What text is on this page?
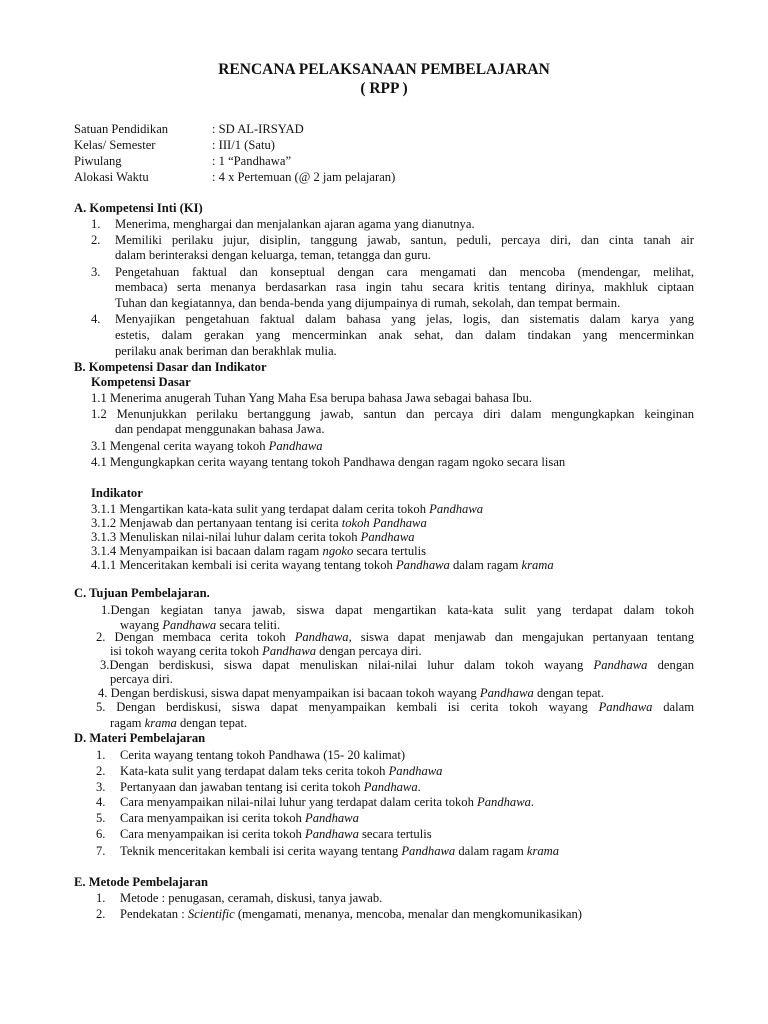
RENCANA PELAKSANAAN PEMBELAJARAN
( RPP )
Satuan Pendidikan	: SD AL-IRSYAD
Kelas/ Semester	: III/1 (Satu)
Piwulang	: 1 “Pandhawa”
Alokasi Waktu	: 4 x Pertemuan (@ 2 jam pelajaran)
A. Kompetensi Inti (KI)
1. Menerima, menghargai dan menjalankan ajaran agama yang dianutnya.
2. Memiliki perilaku jujur, disiplin, tanggung jawab, santun, peduli, percaya diri, dan cinta tanah air
dalam berinteraksi dengan keluarga, teman, tetangga dan guru.
3. Pengetahuan faktual dan konseptual dengan cara mengamati dan mencoba (mendengar, melihat,
membaca) serta menanya berdasarkan rasa ingin tahu secara kritis tentang dirinya, makhluk ciptaan
Tuhan dan kegiatannya, dan benda-benda yang dijumpainya di rumah, sekolah, dan tempat bermain.
4. Menyajikan pengetahuan faktual dalam bahasa yang jelas, logis, dan sistematis dalam karya yang
estetis, dalam gerakan yang mencerminkan anak sehat, dan dalam tindakan yang mencerminkan
perilaku anak beriman dan berakhlak mulia.
B. Kompetensi Dasar dan Indikator
Kompetensi Dasar
1.1 Menerima anugerah Tuhan Yang Maha Esa berupa bahasa Jawa sebagai bahasa Ibu.
1.2 Menunjukkan perilaku bertanggung jawab, santun dan percaya diri dalam mengungkapkan keinginan
dan pendapat menggunakan bahasa Jawa.
3.1 Mengenal cerita wayang tokoh Pandhawa
4.1 Mengungkapkan cerita wayang tentang tokoh Pandhawa dengan ragam ngoko secara lisan
Indikator
3.1.1 Mengartikan kata-kata sulit yang terdapat dalam cerita tokoh Pandhawa
3.1.2 Menjawab dan pertanyaan tentang isi cerita tokoh Pandhawa
3.1.3 Menuliskan nilai-nilai luhur dalam cerita tokoh Pandhawa
3.1.4 Menyampaikan isi bacaan dalam ragam ngoko secara tertulis
4.1.1 Menceritakan kembali isi cerita wayang tentang tokoh Pandhawa dalam ragam krama
C. Tujuan Pembelajaran.
1.Dengan kegiatan tanya jawab, siswa dapat mengartikan kata-kata sulit yang terdapat dalam tokoh
wayang Pandhawa secara teliti.
2. Dengan membaca cerita tokoh Pandhawa, siswa dapat menjawab dan mengajukan pertanyaan tentang
isi tokoh wayang cerita tokoh Pandhawa dengan percaya diri.
3.Dengan berdiskusi, siswa dapat menuliskan nilai-nilai luhur dalam tokoh wayang Pandhawa dengan
percaya diri.
4. Dengan berdiskusi, siswa dapat menyampaikan isi bacaan tokoh wayang Pandhawa dengan tepat.
5. Dengan berdiskusi, siswa dapat menyampaikan kembali isi cerita tokoh wayang Pandhawa dalam
ragam krama dengan tepat.
D. Materi Pembelajaran
1. Cerita wayang tentang tokoh Pandhawa (15- 20 kalimat)
2. Kata-kata sulit yang terdapat dalam teks cerita tokoh Pandhawa
3. Pertanyaan dan jawaban tentang isi cerita tokoh Pandhawa.
4. Cara menyampaikan nilai-nilai luhur yang terdapat dalam cerita tokoh Pandhawa.
5. Cara menyampaikan isi cerita tokoh Pandhawa
6. Cara menyampaikan isi cerita tokoh Pandhawa secara tertulis
7. Teknik menceritakan kembali isi cerita wayang tentang Pandhawa dalam ragam krama
E. Metode Pembelajaran
1. Metode : penugasan, ceramah, diskusi, tanya jawab.
2. Pendekatan : Scientific (mengamati, menanya, mencoba, menalar dan mengkomunikasikan)
